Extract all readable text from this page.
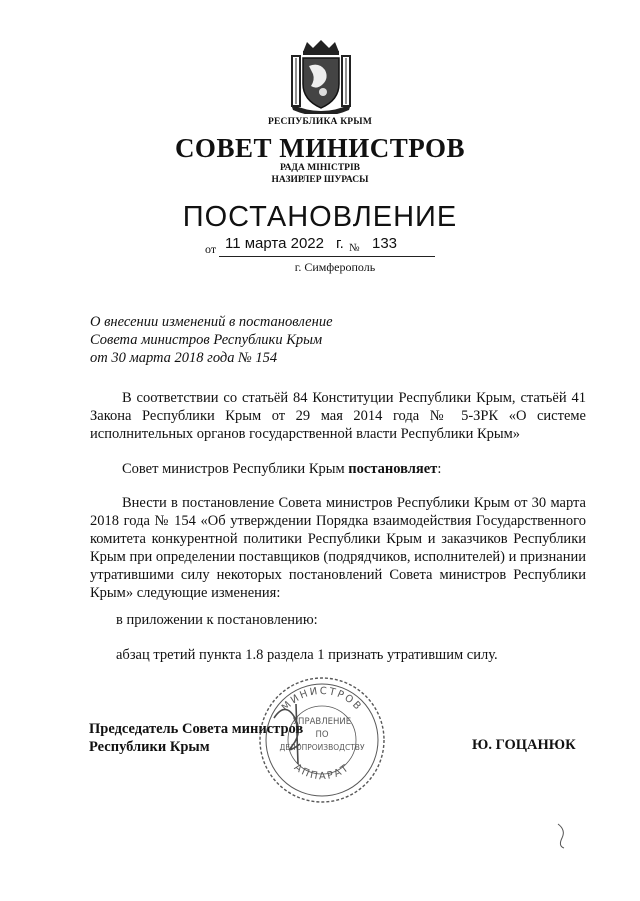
РЕСПУБЛИКА КРЫМ
СОВЕТ МИНИСТРОВ
РАДА МІНІСТРІВ
НАЗИРЛЕР ШУРАСЫ
ПОСТАНОВЛЕНИЕ
от 11 марта 2022 г. № 133
г. Симферополь
О внесении изменений в постановление
Совета министров Республики Крым
от 30 марта 2018 года № 154
В соответствии со статьёй 84 Конституции Республики Крым, статьёй 41 Закона Республики Крым от 29 мая 2014 года № 5-ЗРК «О системе исполнительных органов государственной власти Республики Крым»
Совет министров Республики Крым постановляет:
Внести в постановление Совета министров Республики Крым от 30 марта 2018 года № 154 «Об утверждении Порядка взаимодействия Государственного комитета конкурентной политики Республики Крым и заказчиков Республики Крым при определении поставщиков (подрядчиков, исполнителей) и признании утратившими силу некоторых постановлений Совета министров Республики Крым» следующие изменения:
в приложении к постановлению:
абзац третий пункта 1.8 раздела 1 признать утратившим силу.
Председатель Совета министров
Республики Крым	Ю. ГОЦАНЮК
МИНИСТРОВ
АППАРАТ
УПРАВЛЕНИЕ
ПО
ДЕЛОПРОИЗВОДСТВУ
